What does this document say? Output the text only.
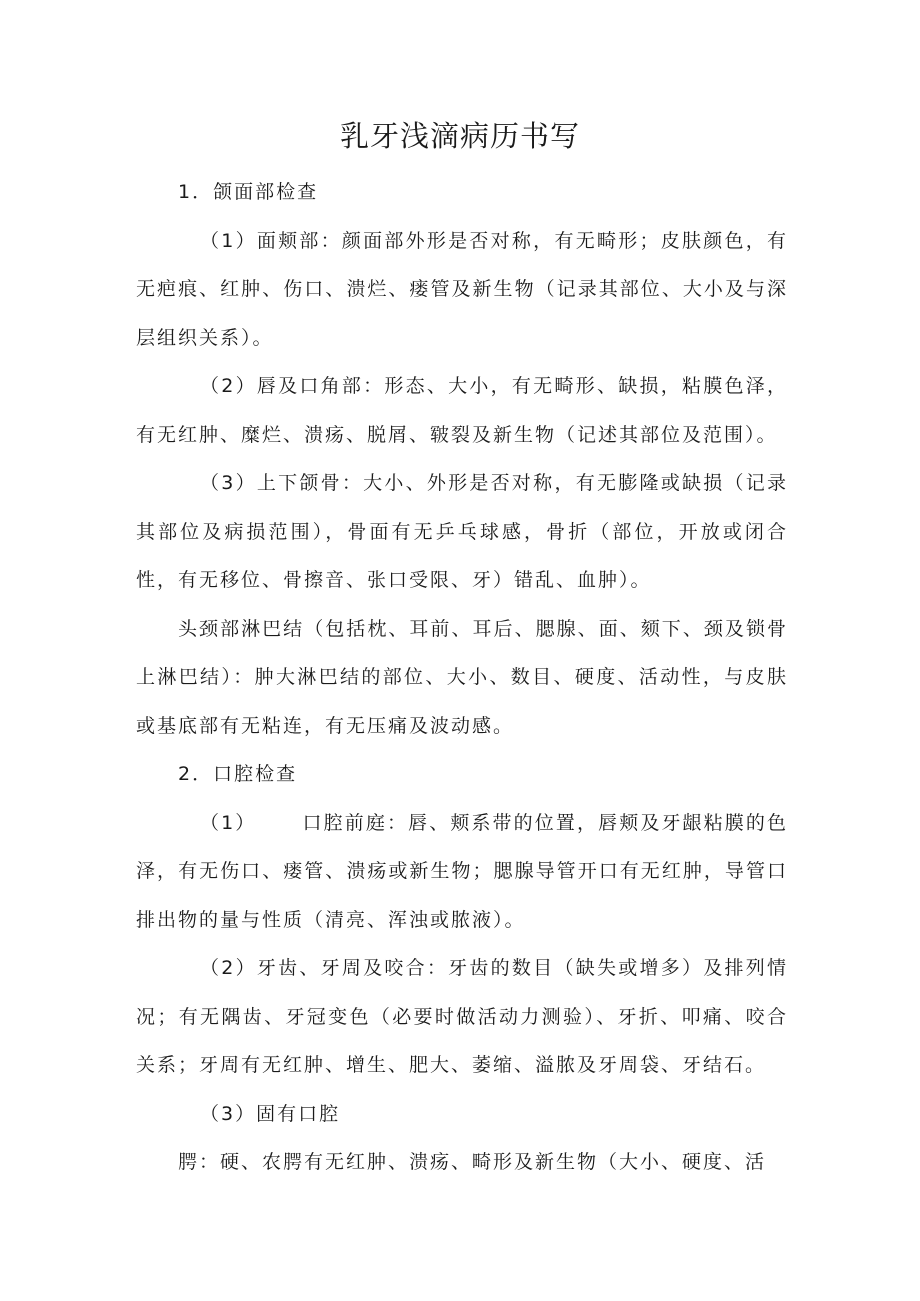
乳牙浅滴病历书写

1．颌面部检查

（1）面颊部：颜面部外形是否对称，有无畸形；皮肤颜色，有无疤痕、红肿、伤口、溃烂、瘘管及新生物（记录其部位、大小及与深层组织关系）。

（2）唇及口角部：形态、大小，有无畸形、缺损，粘膜色泽，有无红肿、糜烂、溃疡、脱屑、皲裂及新生物（记述其部位及范围）。

（3）上下颌骨：大小、外形是否对称，有无膨隆或缺损（记录其部位及病损范围），骨面有无乒乓球感，骨折（部位，开放或闭合性，有无移位、骨擦音、张口受限、牙）错乱、血肿）。

头颈部淋巴结（包括枕、耳前、耳后、腮腺、面、颏下、颈及锁骨上淋巴结）：肿大淋巴结的部位、大小、数目、硬度、活动性，与皮肤或基底部有无粘连，有无压痛及波动感。

2．口腔检查

（1） 口腔前庭：唇、颊系带的位置，唇颊及牙龈粘膜的色泽，有无伤口、瘘管、溃疡或新生物；腮腺导管开口有无红肿，导管口排出物的量与性质（清亮、浑浊或脓液）。

（2）牙齿、牙周及咬合：牙齿的数目（缺失或增多）及排列情况；有无隅齿、牙冠变色（必要时做活动力测验）、牙折、叩痛、咬合关系；牙周有无红肿、增生、肥大、萎缩、溢脓及牙周袋、牙结石。

（3）固有口腔

腭：硬、农腭有无红肿、溃疡、畸形及新生物（大小、硬度、活
